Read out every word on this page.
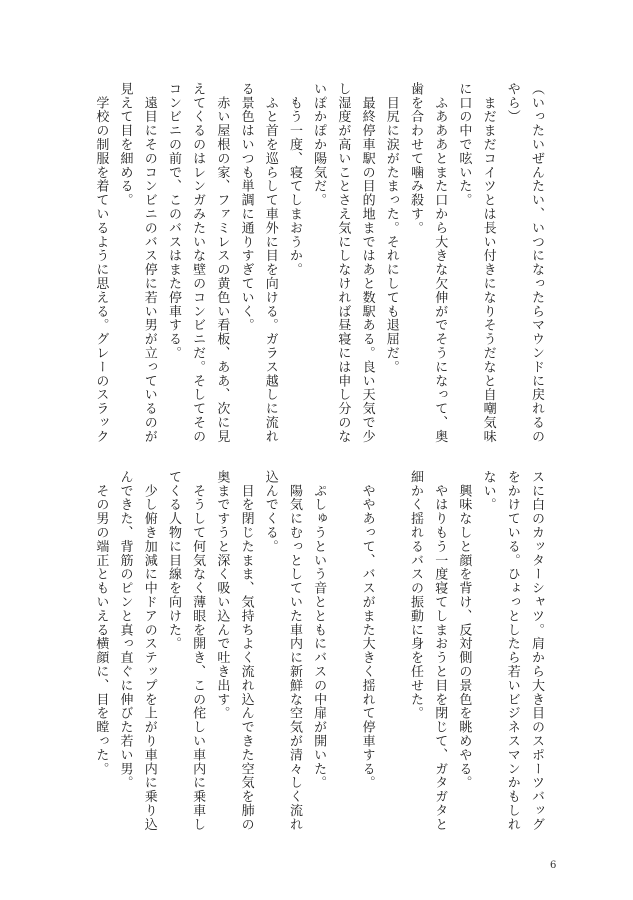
（いったいぜんたい、いつになったらマウンドに戻れるの
やら）
　まだまだコイツとは長い付きになりそうだなと自嘲気味
に口の中で呟いた。
　ふあああとまた口から大きな欠伸がでそうになって、奥
歯を合わせて噛み殺す。
　目尻に涙がたまった。それにしても退屈だ。
　最終停車駅の目的地まではあと数駅ある。良い天気で少
し湿度が高いことさえ気にしなければ昼寝には申し分のな
いぽかぽか陽気だ。
　もう一度、寝てしまおうか。
　ふと首を巡らして車外に目を向ける。ガラス越しに流れ
る景色はいつも単調に通りすぎていく。
　赤い屋根の家、ファミレスの黄色い看板、ああ、次に見
えてくるのはレンガみたいな壁のコンビニだ。そしてその
コンビニの前で、このバスはまた停車する。
　遠目にそのコンビニのバス停に若い男が立っているのが
見えて目を細める。
　学校の制服を着ているように思える。グレーのスラック
スに白のカッターシャツ。肩から大き目のスポーツバッグ
をかけている。ひょっとしたら若いビジネスマンかもしれ
ない。
　興味なしと顔を背け、反対側の景色を眺めやる。
　やはりもう一度寝てしまおうと目を閉じて、ガタガタと
細かく揺れるバスの振動に身を任せた。
　ややあって、バスがまた大きく揺れて停車する。
　ぷしゅうという音とともにバスの中扉が開いた。
　陽気にむっとしていた車内に新鮮な空気が清々しく流れ
込んでくる。
　目を閉じたまま、気持ちよく流れ込んできた空気を肺の
奥まですうと深く吸い込んで吐き出す。
　そうして何気なく薄眼を開き、この侘しい車内に乗車し
てくる人物に目線を向けた。
　少し俯き加減に中ドアのステップを上がり車内に乗り込
んできた、背筋のピンと真っ直ぐに伸びた若い男。
　その男の端正ともいえる横顔に、目を瞠った。
6
